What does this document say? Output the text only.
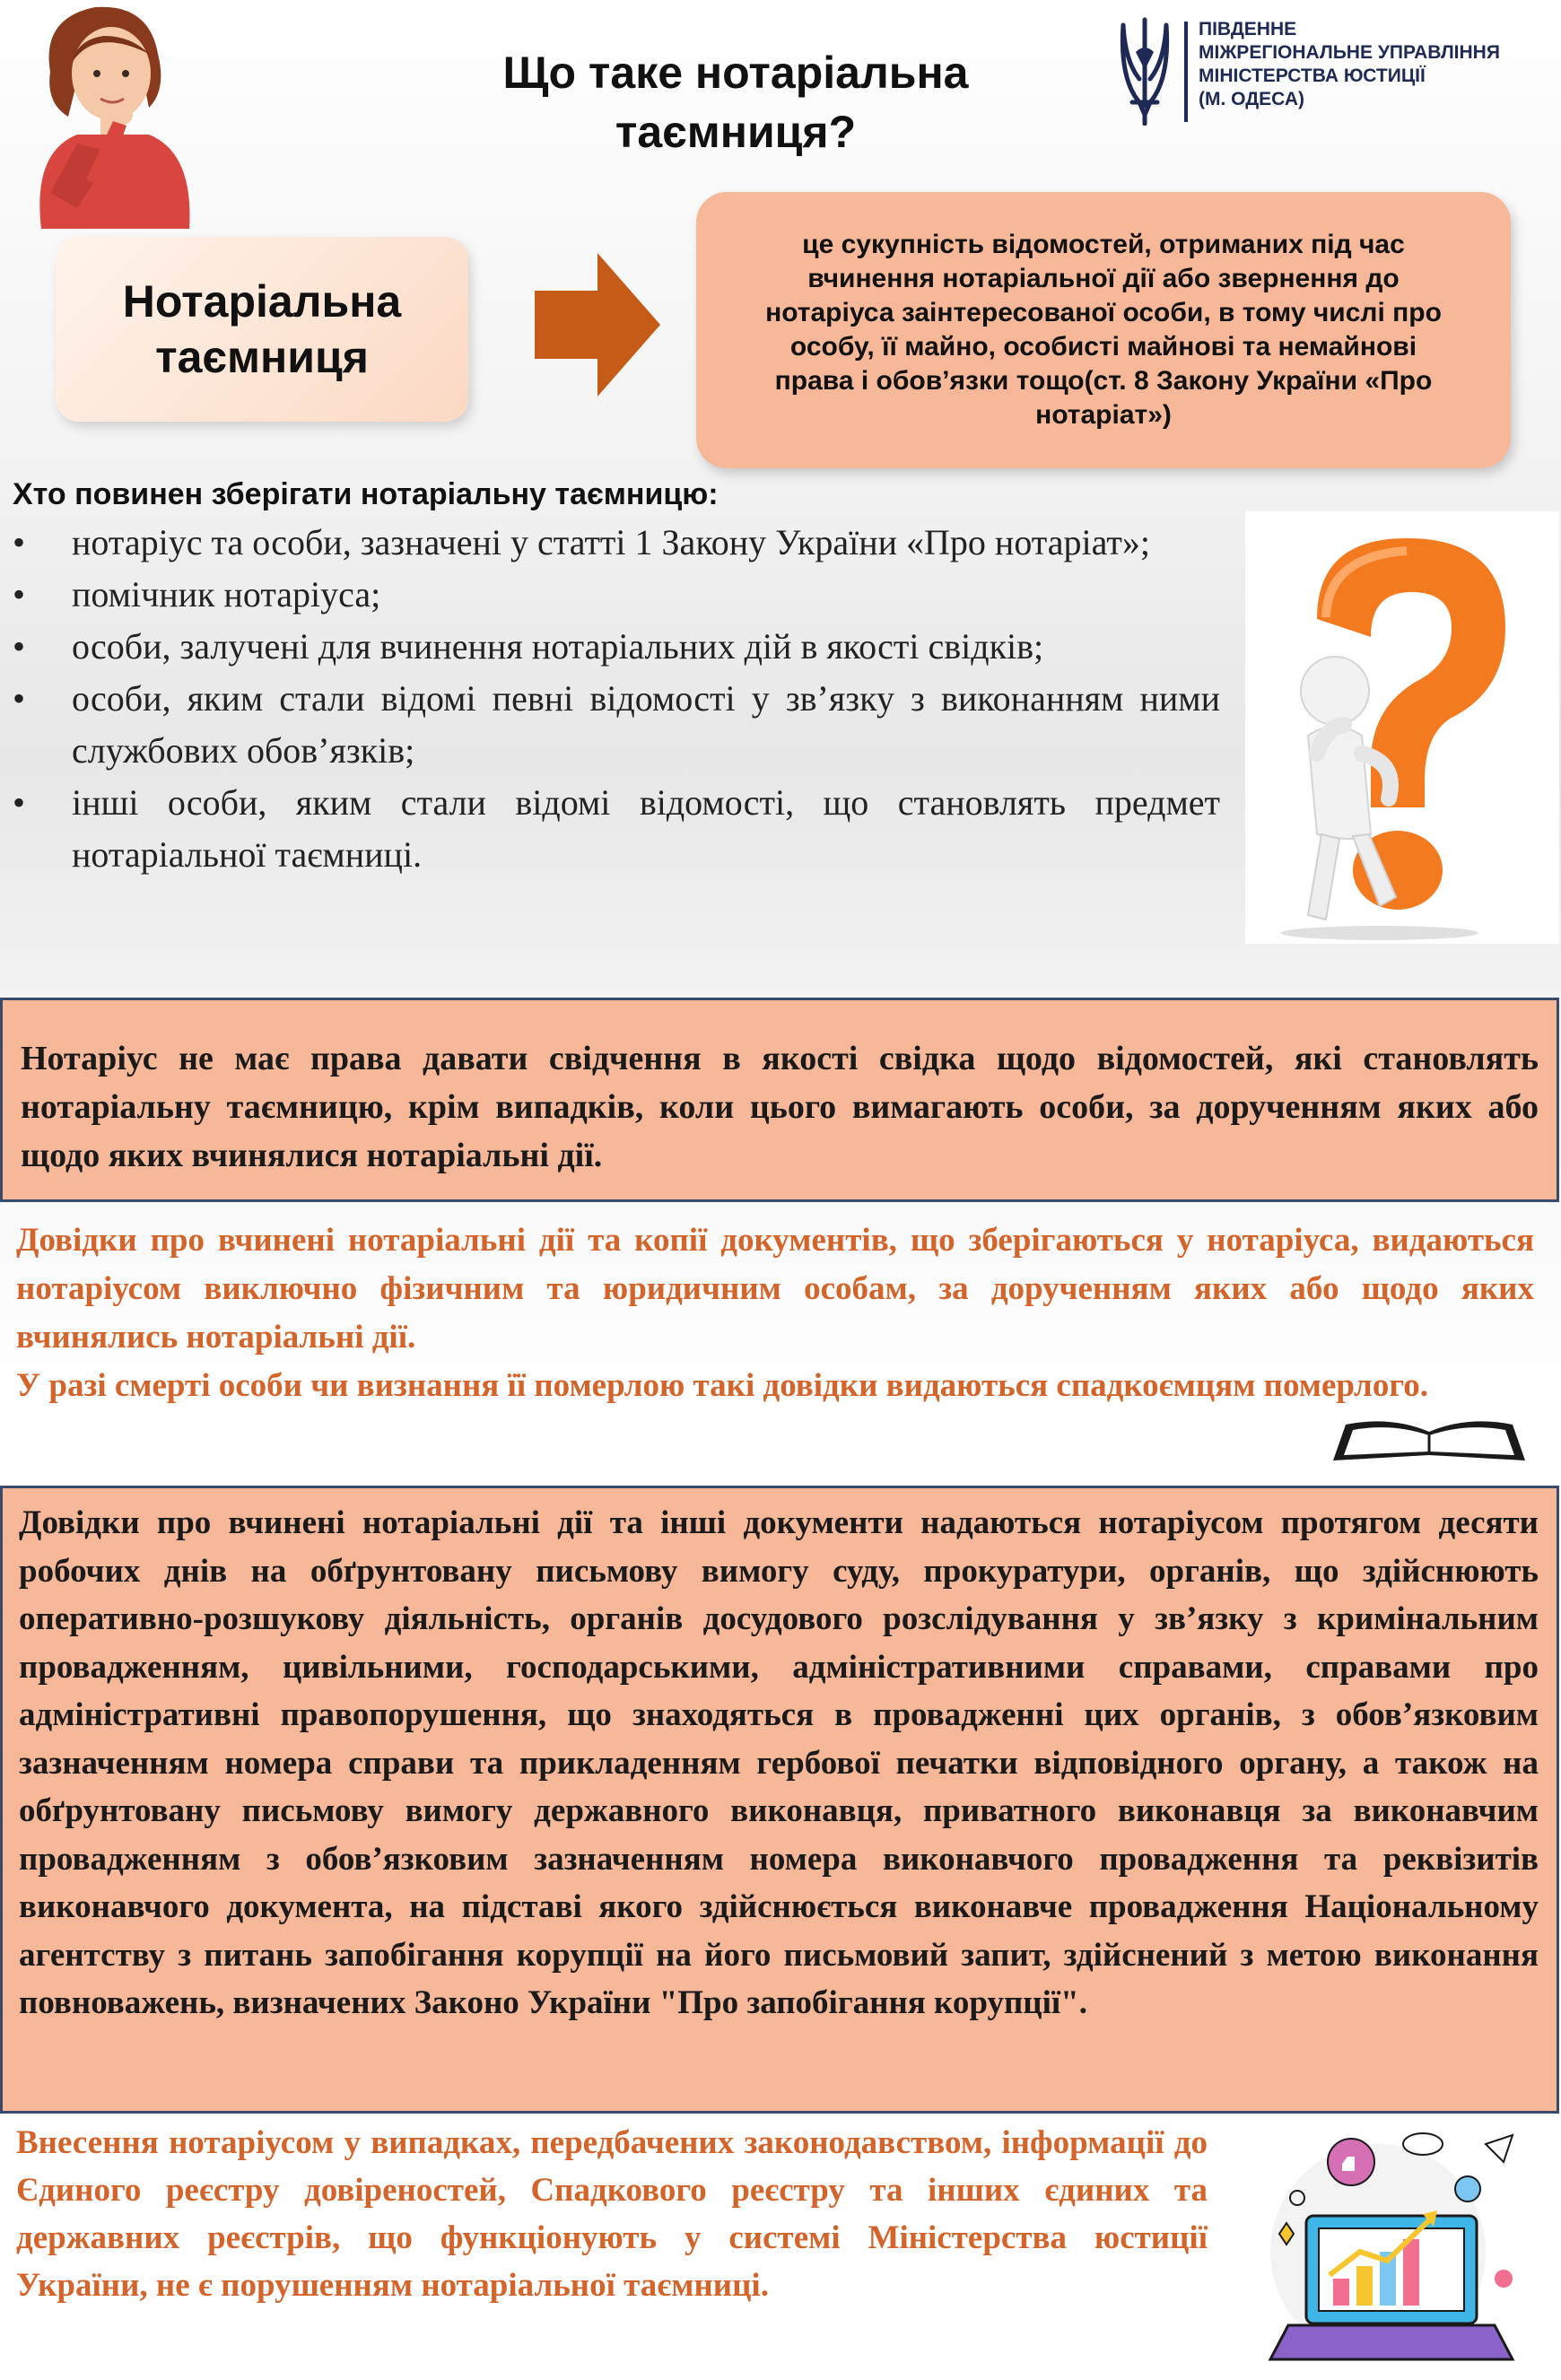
Що таке нотаріальна таємниця?
ПІВДЕННЕ
МІЖРЕГІОНАЛЬНЕ УПРАВЛІННЯ
МІНІСТЕРСТВА ЮСТИЦІЇ
(М. ОДЕСА)
Нотаріальна таємниця
це сукупність відомостей, отриманих під час вчинення нотаріальної дії або звернення до нотаріуса заінтересованої особи, в тому числі про особу, її майно, особисті майнові та немайнові права і обов’язки тощо(ст. 8 Закону України «Про нотаріат»)
Хто повинен зберігати нотаріальну таємницю:
• нотаріус та особи, зазначені у статті 1 Закону України «Про нотаріат»;
• помічник нотаріуса;
• особи, залучені для вчинення нотаріальних дій в якості свідків;
• особи, яким стали відомі певні відомості у зв’язку з виконанням ними службових обов’язків;
• інші особи, яким стали відомі відомості, що становлять предмет нотаріальної таємниці.
Нотаріус не має права давати свідчення в якості свідка щодо відомостей, які становлять нотаріальну таємницю, крім випадків, коли цього вимагають особи, за дорученням яких або щодо яких вчинялися нотаріальні дії.
Довідки про вчинені нотаріальні дії та копії документів, що зберігаються у нотаріуса, видаються нотаріусом виключно фізичним та юридичним особам, за дорученням яких або щодо яких вчинялись нотаріальні дії.
У разі смерті особи чи визнання її померлою такі довідки видаються спадкоємцям померлого.
Довідки про вчинені нотаріальні дії та інші документи надаються нотаріусом протягом десяти робочих днів на обґрунтовану письмову вимогу суду, прокуратури, органів, що здійснюють оперативно-розшукову діяльність, органів досудового розслідування у зв’язку з кримінальним провадженням, цивільними, господарськими, адміністративними справами, справами про адміністративні правопорушення, що знаходяться в провадженні цих органів, з обов’язковим зазначенням номера справи та прикладенням гербової печатки відповідного органу, а також на обґрунтовану письмову вимогу державного виконавця, приватного виконавця за виконавчим провадженням з обов’язковим зазначенням номера виконавчого провадження та реквізитів виконавчого документа, на підставі якого здійснюється виконавче провадження Національному агентству з питань запобігання корупції на його письмовий запит, здійснений з метою виконання повноважень, визначених Законо України "Про запобігання корупції".
Внесення нотаріусом у випадках, передбачених законодавством, інформації до Єдиного реєстру довіреностей, Спадкового реєстру та інших єдиних та державних реєстрів, що функціонують у системі Міністерства юстиції України, не є порушенням нотаріальної таємниці.
